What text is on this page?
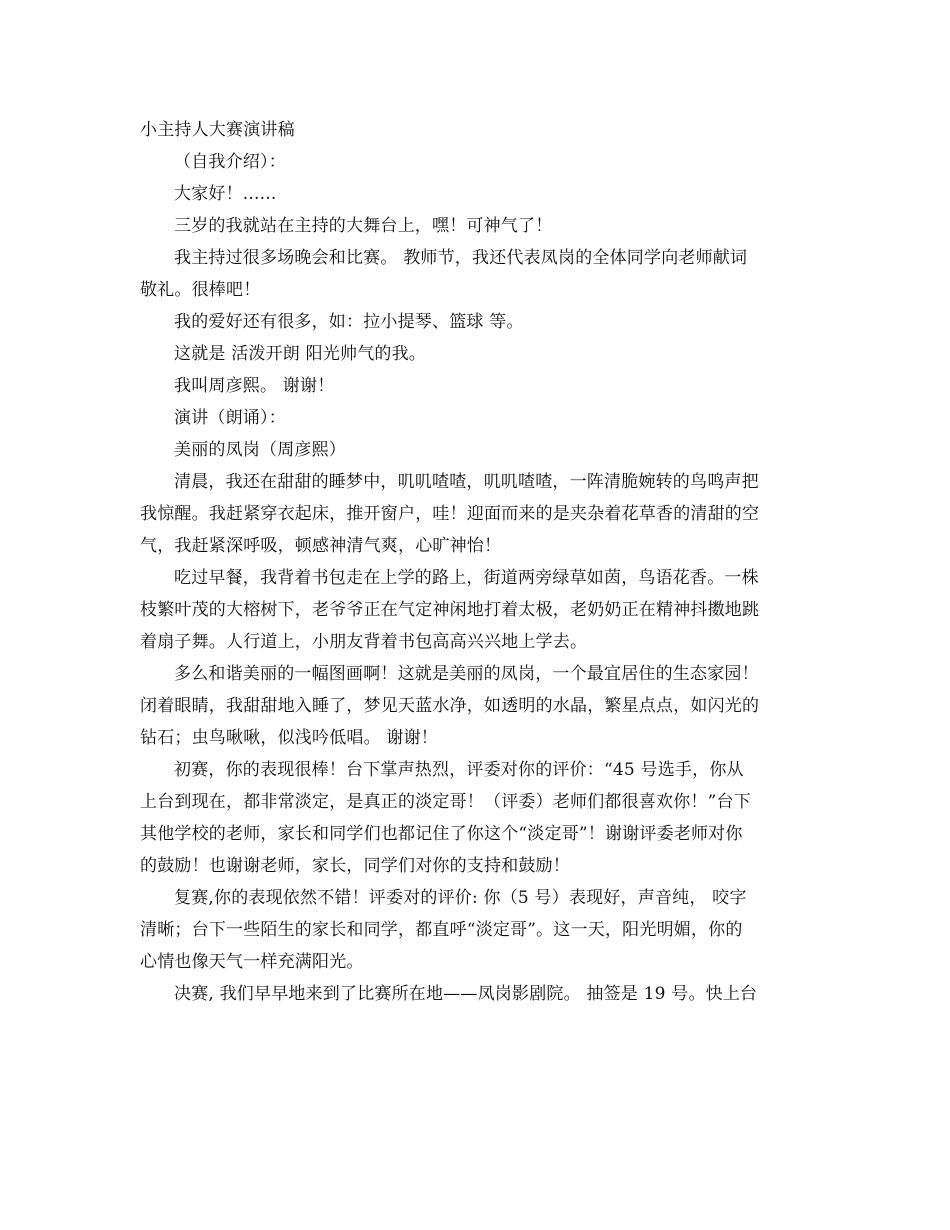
小主持人大赛演讲稿
（自我介绍）：
大家好！......
三岁的我就站在主持的大舞台上，嘿！可神气了！
我主持过很多场晚会和比赛。 教师节，我还代表凤岗的全体同学向老师献词
敬礼。很棒吧！
我的爱好还有很多，如：拉小提琴、篮球 等。
这就是 活泼开朗 阳光帅气的我。
我叫周彦熙。 谢谢！
演讲（朗诵）：
美丽的凤岗（周彦熙）
清晨，我还在甜甜的睡梦中，叽叽喳喳，叽叽喳喳，一阵清脆婉转的鸟鸣声把
我惊醒。我赶紧穿衣起床，推开窗户，哇！迎面而来的是夹杂着花草香的清甜的空
气，我赶紧深呼吸，顿感神清气爽，心旷神怡！
吃过早餐，我背着书包走在上学的路上，街道两旁绿草如茵，鸟语花香。一株
枝繁叶茂的大榕树下，老爷爷正在气定神闲地打着太极，老奶奶正在精神抖擞地跳
着扇子舞。人行道上，小朋友背着书包高高兴兴地上学去。
多么和谐美丽的一幅图画啊！这就是美丽的凤岗，一个最宜居住的生态家园！
闭着眼睛，我甜甜地入睡了，梦见天蓝水净，如透明的水晶，繁星点点，如闪光的
钻石；虫鸟啾啾，似浅吟低唱。 谢谢！
初赛，你的表现很棒！台下掌声热烈，评委对你的评价：“45 号选手，你从
上台到现在，都非常淡定，是真正的淡定哥！（评委）老师们都很喜欢你！”台下
其他学校的老师，家长和同学们也都记住了你这个“淡定哥”！谢谢评委老师对你
的鼓励！也谢谢老师，家长，同学们对你的支持和鼓励！
复赛,你的表现依然不错！评委对的评价: 你（5 号）表现好，声音纯， 咬字
清晰；台下一些陌生的家长和同学，都直呼“淡定哥”。这一天，阳光明媚，你的
心情也像天气一样充满阳光。
决赛, 我们早早地来到了比赛所在地——凤岗影剧院。 抽签是 19 号。快上台
